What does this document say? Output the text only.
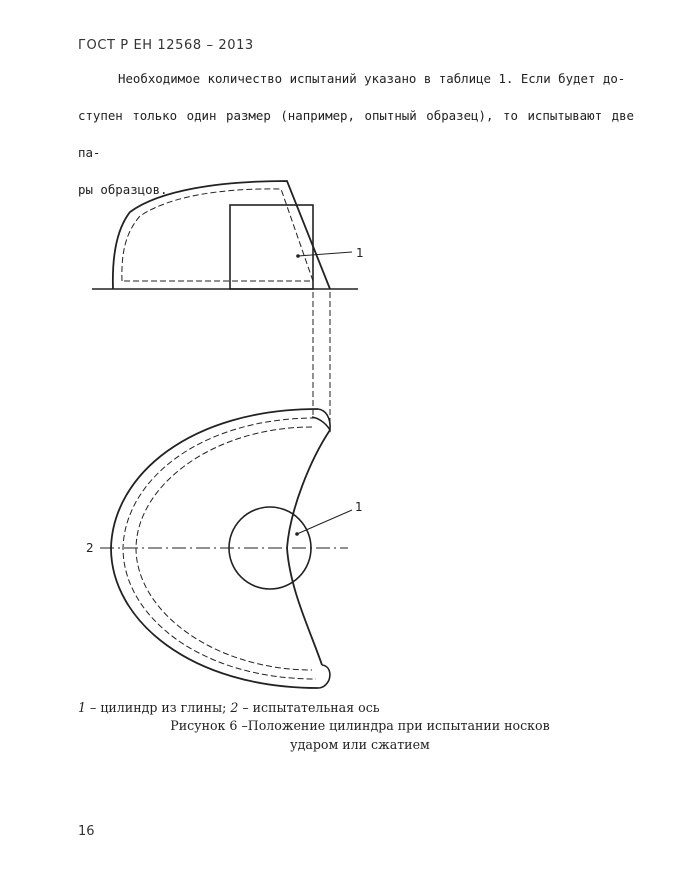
ГОСТ Р ЕН 12568 – 2013
Необходимое количество испытаний указано в таблице 1. Если будет до-
ступен только один размер (например, опытный образец), то испытывают две па-
ры образцов.
1
1
2
1 – цилиндр из глины; 2 – испытательная ось
Рисунок 6 –Положение цилиндра при испытании носков
ударом или сжатием
16
